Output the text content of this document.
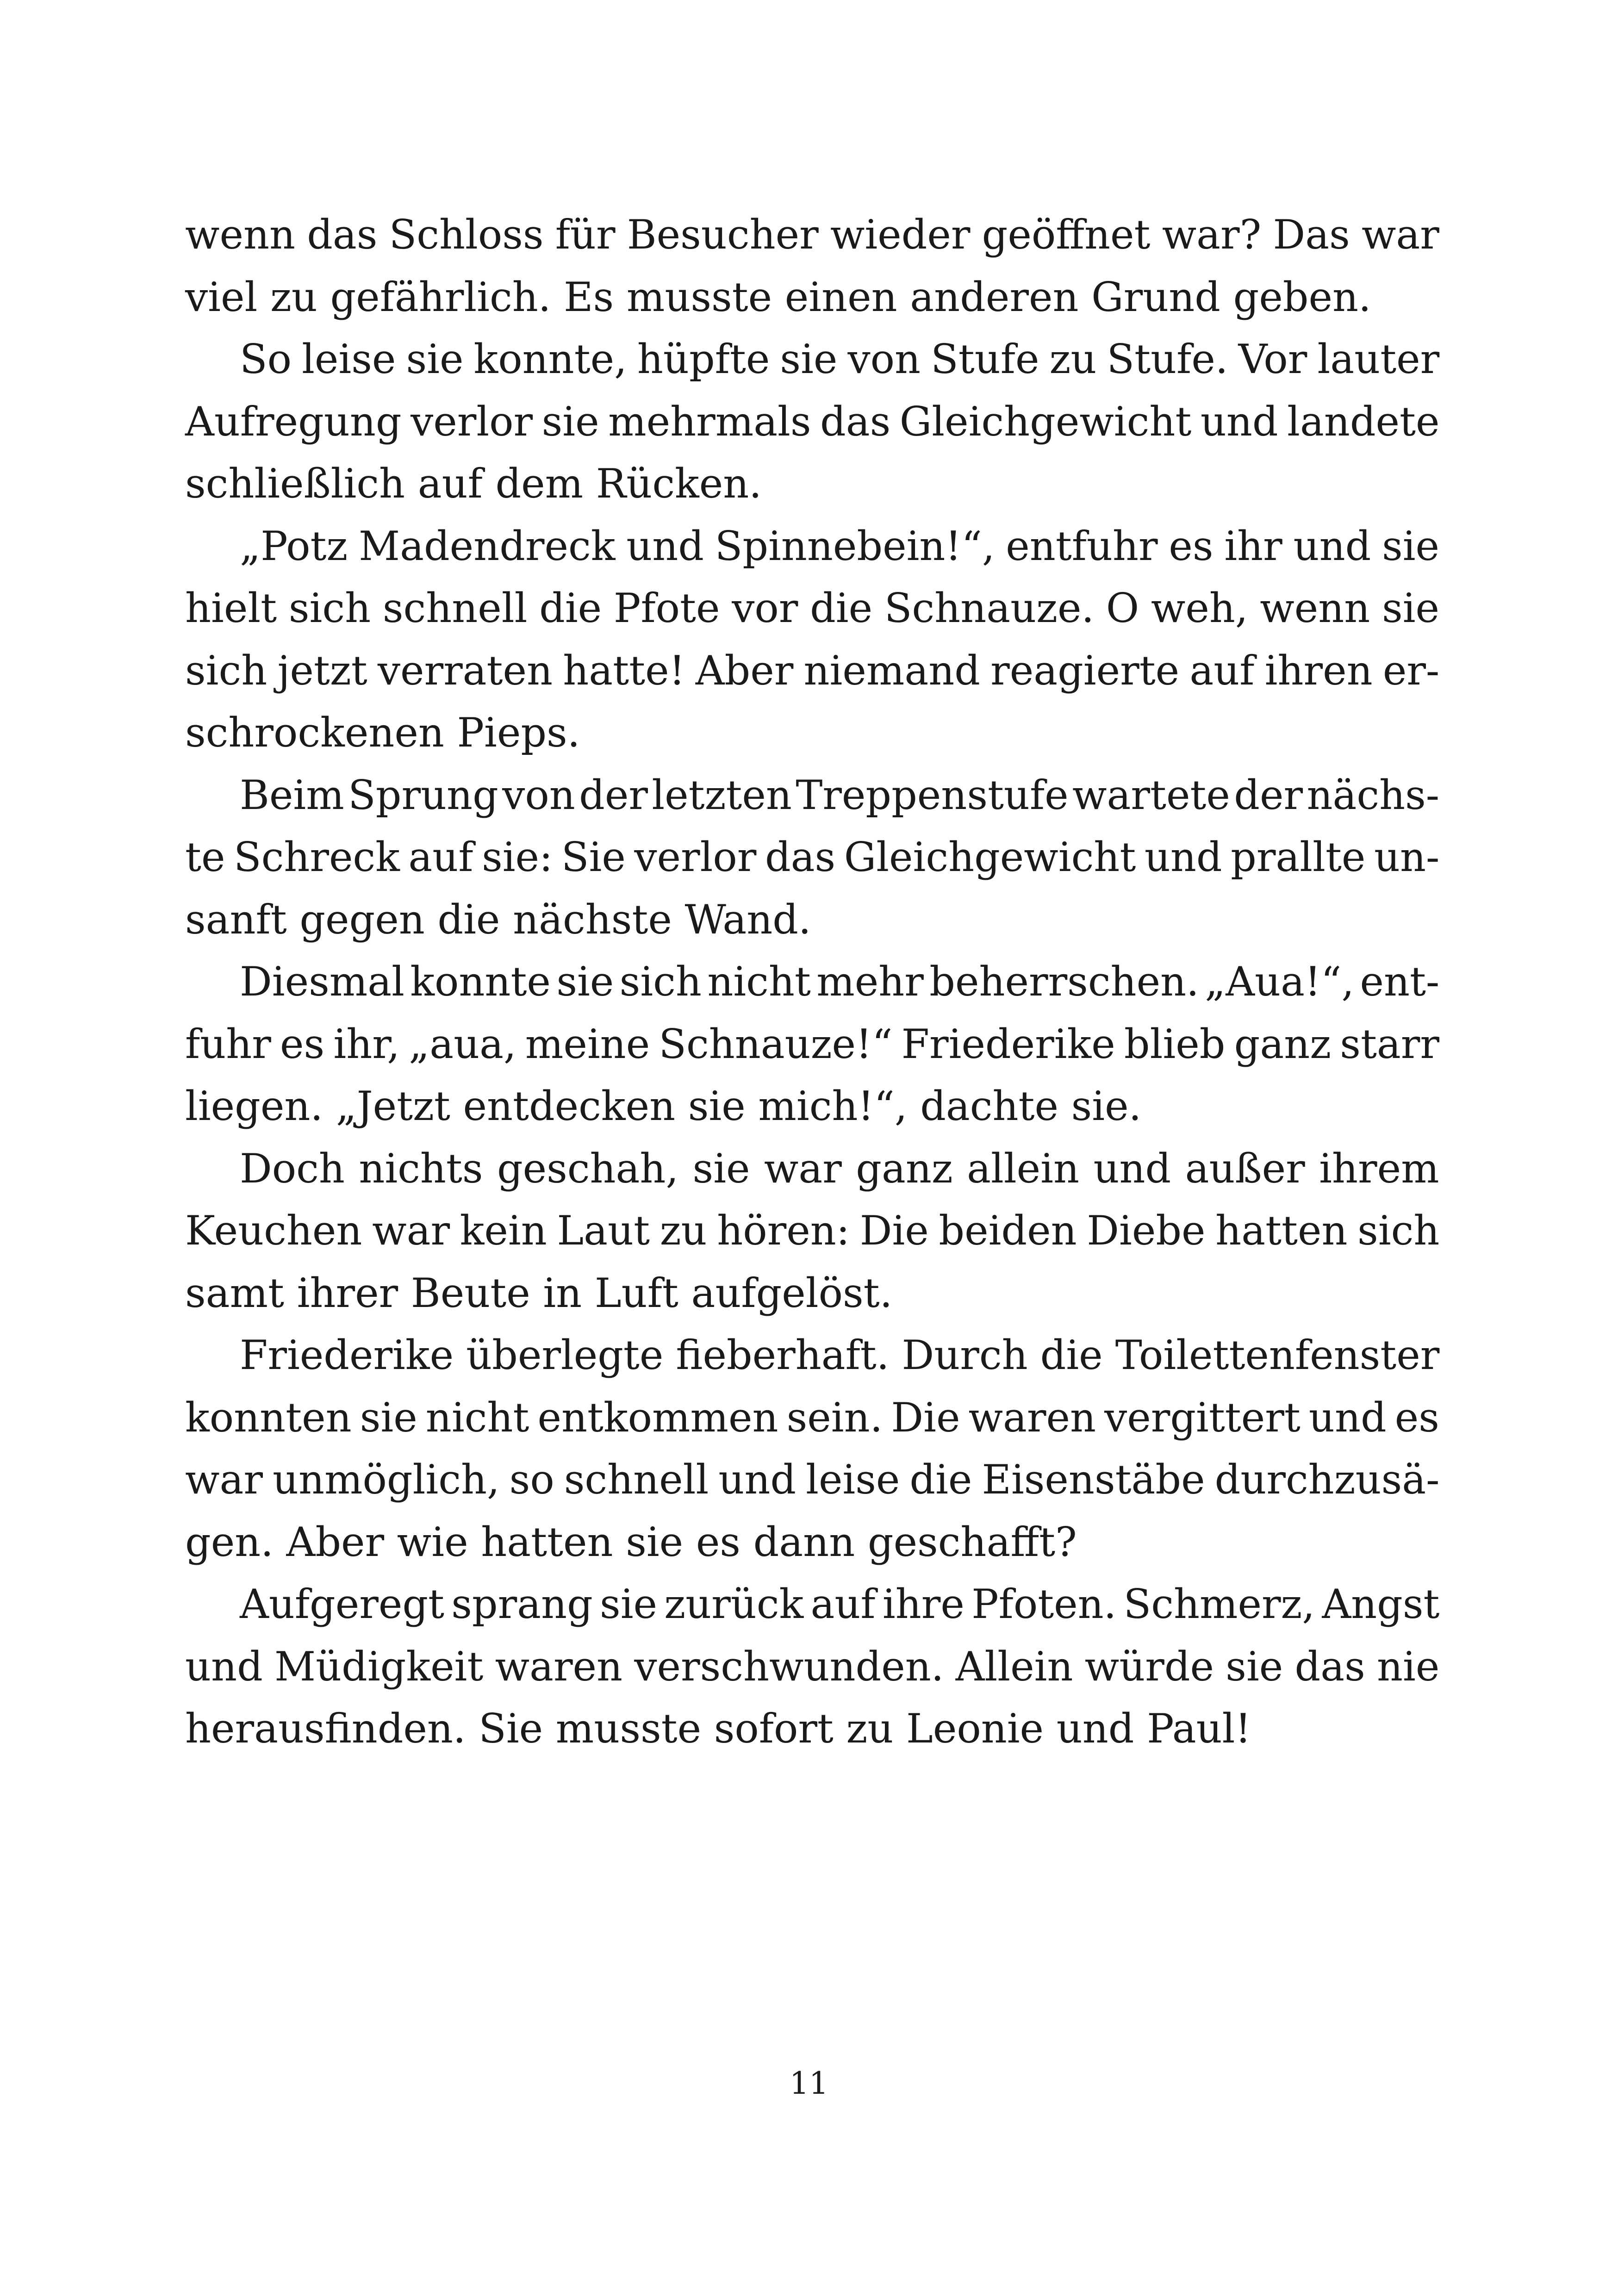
wenn das Schloss für Besucher wieder geöffnet war? Das war
viel zu gefährlich. Es musste einen anderen Grund geben.
So leise sie konnte, hüpfte sie von Stufe zu Stufe. Vor lauter
Aufregung verlor sie mehrmals das Gleichgewicht und landete
schließlich auf dem Rücken.
„Potz Madendreck und Spinnebein!“, entfuhr es ihr und sie
hielt sich schnell die Pfote vor die Schnauze. O weh, wenn sie
sich jetzt verraten hatte! Aber niemand reagierte auf ihren er-
schrockenen Pieps.
Beim Sprung von der letzten Treppenstufe wartete der nächs-
te Schreck auf sie: Sie verlor das Gleichgewicht und prallte un-
sanft gegen die nächste Wand.
Diesmal konnte sie sich nicht mehr beherrschen. „Aua!“, ent-
fuhr es ihr, „aua, meine Schnauze!“ Friederike blieb ganz starr
liegen. „Jetzt entdecken sie mich!“, dachte sie.
Doch nichts geschah, sie war ganz allein und außer ihrem
Keuchen war kein Laut zu hören: Die beiden Diebe hatten sich
samt ihrer Beute in Luft aufgelöst.
Friederike überlegte fieberhaft. Durch die Toilettenfenster
konnten sie nicht entkommen sein. Die waren vergittert und es
war unmöglich, so schnell und leise die Eisenstäbe durchzusä-
gen. Aber wie hatten sie es dann geschafft?
Aufgeregt sprang sie zurück auf ihre Pfoten. Schmerz, Angst
und Müdigkeit waren verschwunden. Allein würde sie das nie
herausfinden. Sie musste sofort zu Leonie und Paul!
11
